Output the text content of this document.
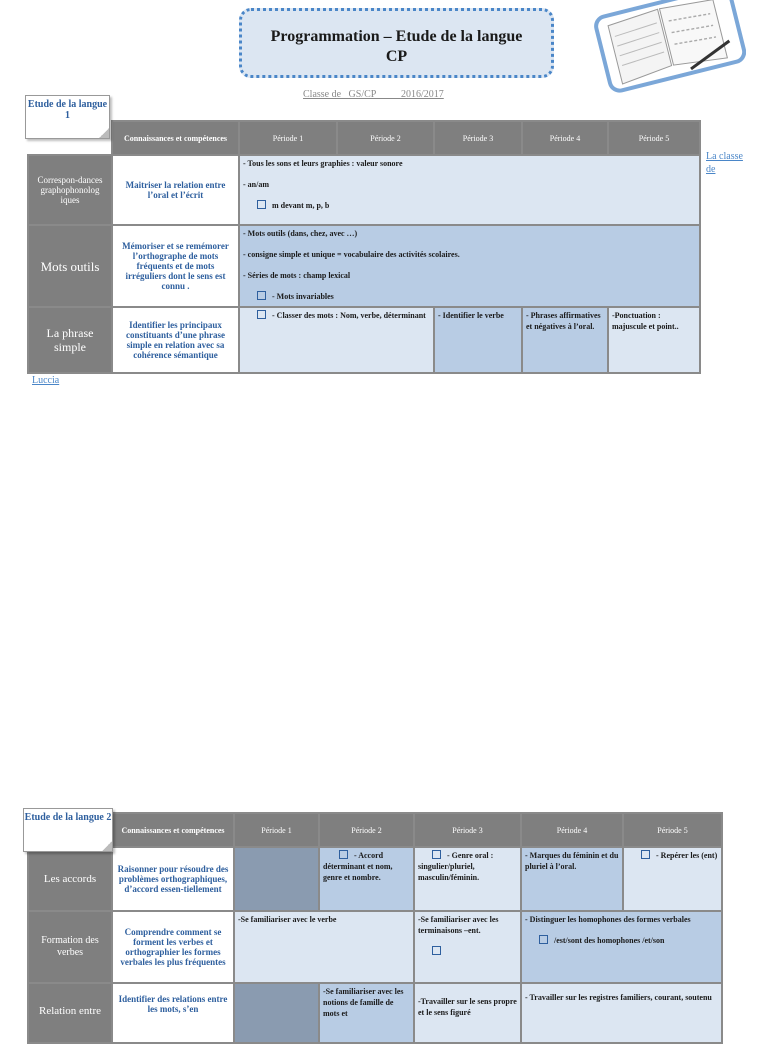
Programmation – Etude de la langue
CP
Classe de   GS/CP          2016/2017
La classe de
Luccia
	Connaissances et compétences	Période 1	Période 2	Période 3	Période 4	Période 5
Correspon-dances graphophonolog iques	Maitriser la relation entre l’oral et l’écrit	- Tous les sons et leurs graphies : valeur sonore

- an/am

m devant m, p, b				

Mots outils	Mémoriser et se remémorer l’orthographe de mots fréquents et de mots irréguliers dont le sens est connu .	- Mots outils (dans, chez, avec …)

- consigne simple et unique = vocabulaire des activités scolaires.

- Séries de mots : champ lexical

- Mots invariables				

La phrase simple	Identifier les principaux constituants d’une phrase simple en relation avec sa cohérence sémantique	- Classer des mots : Nom, verbe, déterminant		- Identifier le verbe	- Phrases affirmatives et négatives à l’oral.	-Ponctuation : majuscule et point..
Etude de la langue 1
	Connaissances et compétences	Période 1	Période 2	Période 3	Période 4	Période 5
Les accords	Raisonner pour résoudre des problèmes orthographiques, d’accord essen-tiellement		- Accord déterminant et nom, genre et nombre.	- Genre oral : singulier/pluriel, masculin/féminin.	- Marques du féminin et du pluriel à l’oral.	- Repérer les (ent)
Formation des verbes	Comprendre comment se forment les verbes et orthographier les formes verbales les plus fréquentes	-Se familiariser avec le verbe		-Se familiariser avec les terminaisons –ent.	- Distinguer les homophones des formes verbales

/est/sont des homophones /et/son	

Relation entre	Identifier des relations entre les mots, s’en		-Se familiariser avec les notions de famille de mots et	-Travailler sur le sens propre et le sens figuré	- Travailler sur les registres familiers, courant, soutenu	
Etude de la langue 2
